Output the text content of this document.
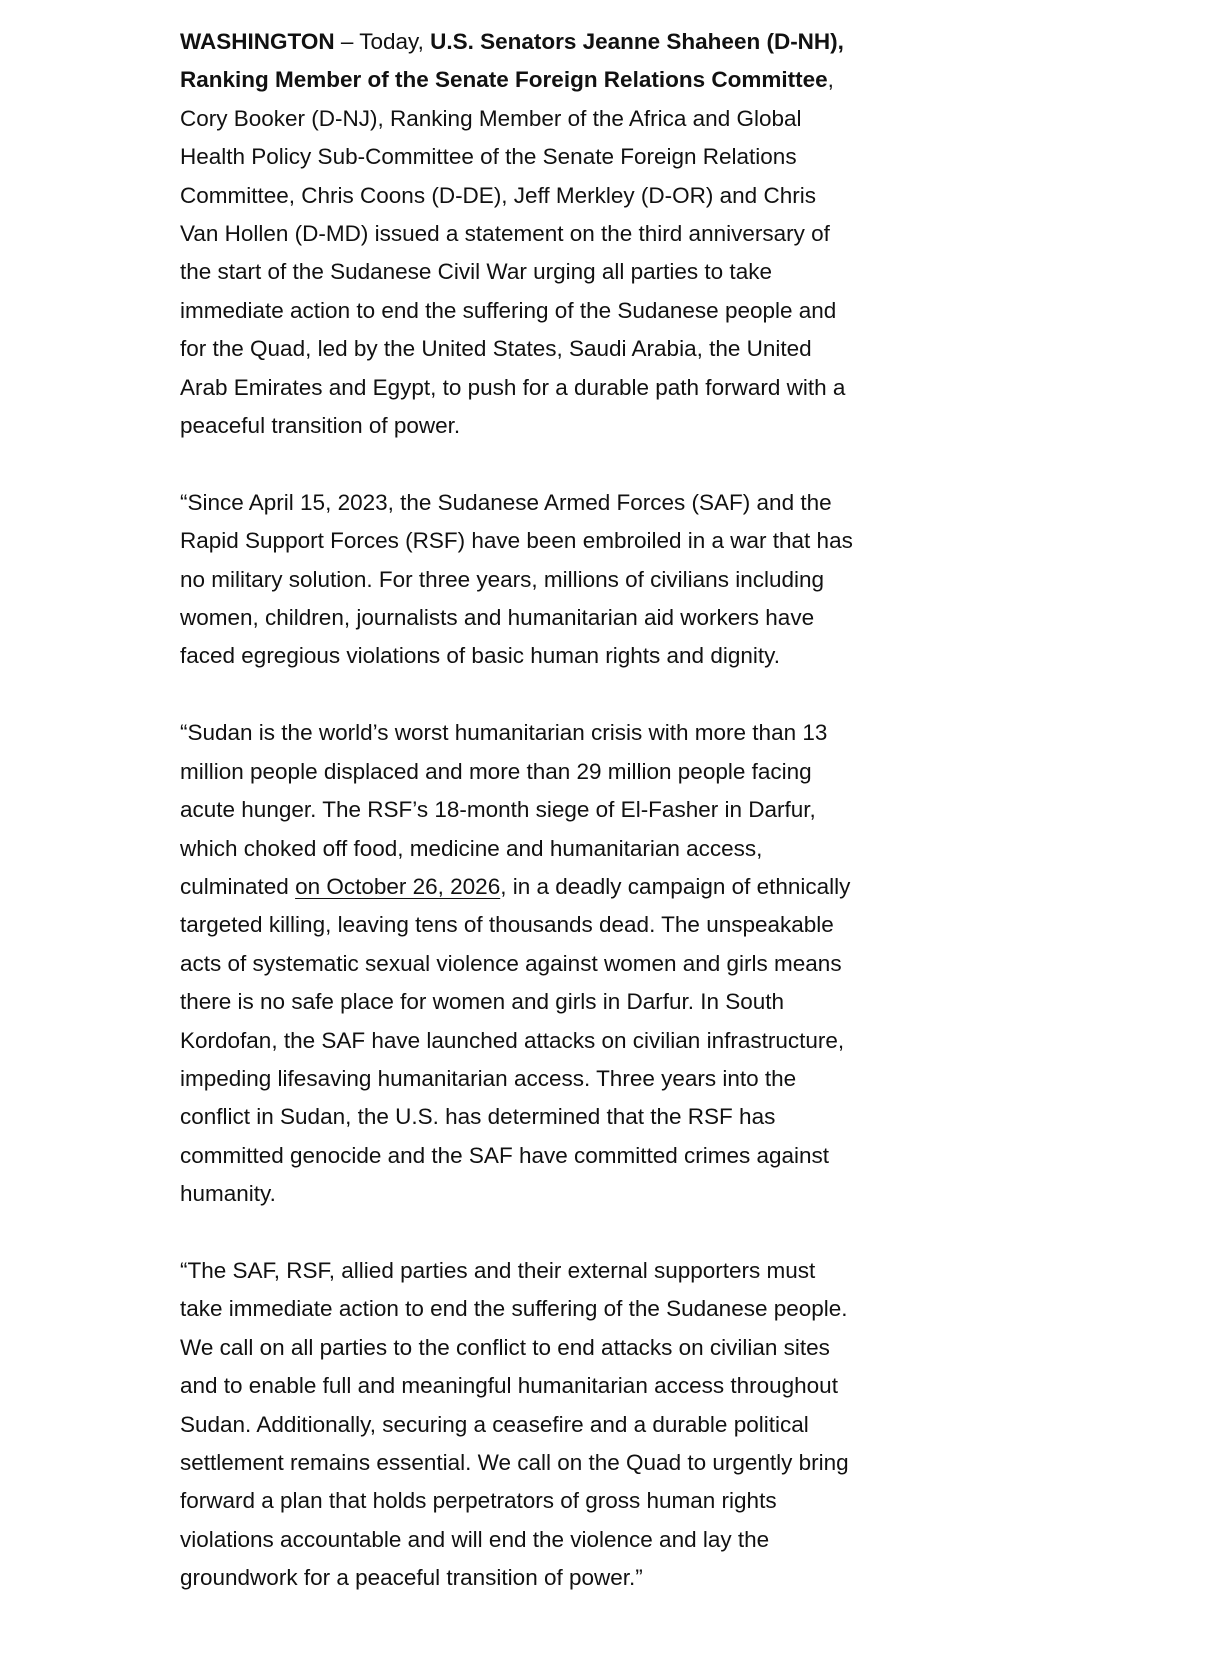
WASHINGTON – Today, U.S. Senators Jeanne Shaheen (D-NH), Ranking Member of the Senate Foreign Relations Committee, Cory Booker (D-NJ), Ranking Member of the Africa and Global Health Policy Sub-Committee of the Senate Foreign Relations Committee, Chris Coons (D-DE), Jeff Merkley (D-OR) and Chris Van Hollen (D-MD) issued a statement on the third anniversary of the start of the Sudanese Civil War urging all parties to take immediate action to end the suffering of the Sudanese people and for the Quad, led by the United States, Saudi Arabia, the United Arab Emirates and Egypt, to push for a durable path forward with a peaceful transition of power.

“Since April 15, 2023, the Sudanese Armed Forces (SAF) and the Rapid Support Forces (RSF) have been embroiled in a war that has no military solution. For three years, millions of civilians including women, children, journalists and humanitarian aid workers have faced egregious violations of basic human rights and dignity.

“Sudan is the world’s worst humanitarian crisis with more than 13 million people displaced and more than 29 million people facing acute hunger. The RSF’s 18-month siege of El-Fasher in Darfur, which choked off food, medicine and humanitarian access, culminated on October 26, 2026, in a deadly campaign of ethnically targeted killing, leaving tens of thousands dead. The unspeakable acts of systematic sexual violence against women and girls means there is no safe place for women and girls in Darfur. In South Kordofan, the SAF have launched attacks on civilian infrastructure, impeding lifesaving humanitarian access. Three years into the conflict in Sudan, the U.S. has determined that the RSF has committed genocide and the SAF have committed crimes against humanity.

“The SAF, RSF, allied parties and their external supporters must take immediate action to end the suffering of the Sudanese people. We call on all parties to the conflict to end attacks on civilian sites and to enable full and meaningful humanitarian access throughout Sudan. Additionally, securing a ceasefire and a durable political settlement remains essential. We call on the Quad to urgently bring forward a plan that holds perpetrators of gross human rights violations accountable and will end the violence and lay the groundwork for a peaceful transition of power.”
